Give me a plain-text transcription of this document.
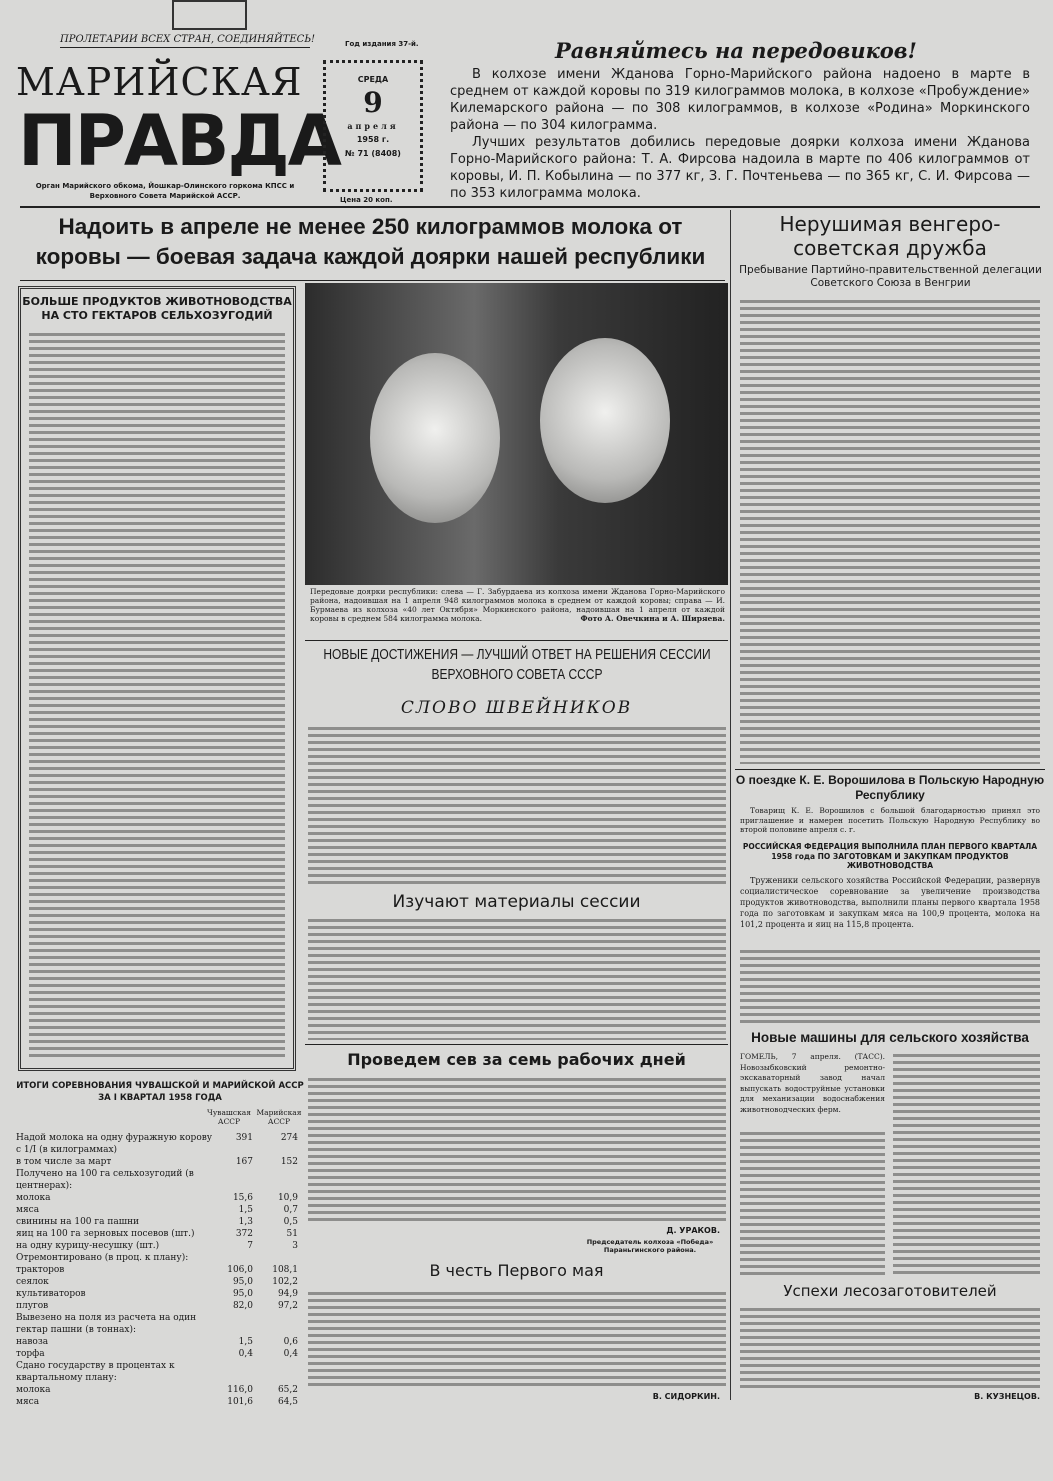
ПРОЛЕТАРИИ ВСЕХ СТРАН, СОЕДИНЯЙТЕСЬ!
МАРИЙСКАЯ
ПРАВДА
Орган Марийского обкома, Йошкар-Олинского горкома КПСС и Верховного Совета Марийской АССР.
Год издания 37-й.
СРЕДА
9
апреля
1958 г.
№ 71 (8408)
Цена 20 коп.
Равняйтесь на передовиков!
В колхозе имени Жданова Горно-Марийского района надоено в марте в среднем от каждой коровы по 319 килограммов молока, в колхозе «Пробуждение» Килемарского района — по 308 килограммов, в колхозе «Родина» Моркинского района — по 304 килограмма.
Лучших результатов добились передовые доярки колхоза имени Жданова Горно-Марийского района: Т. А. Фирсова надоила в марте по 406 килограммов от коровы, И. П. Кобылина — по 377 кг, З. Г. Почтеньева — по 365 кг, С. И. Фирсова — по 353 килограмма молока.
Надоить в апреле не менее 250 килограммов молока от коровы — боевая задача каждой доярки нашей республики
БОЛЬШЕ ПРОДУКТОВ ЖИВОТНОВОДСТВА НА СТО ГЕКТАРОВ СЕЛЬХОЗУГОДИЙ
ИТОГИ СОРЕВНОВАНИЯ ЧУВАШСКОЙ И МАРИЙСКОЙ АССР ЗА I КВАРТАЛ 1958 ГОДА
Чувашская АССР
Марийская АССР
Надой молока на одну фуражную корову с 1/I (в килограммах)
391	274
в том числе за март	167	152
Получено на 100 га сельхозугодий (в центнерах):
молока	15,6	10,9
мяса	1,5	0,7
свинины на 100 га пашни	1,3	0,5
яиц на 100 га зерновых посевов (шт.)	372	51
на одну курицу-несушку (шт.)	7	3
Отремонтировано (в проц. к плану):
тракторов	106,0	108,1
сеялок	95,0	102,2
культиваторов	95,0	94,9
плугов	82,0	97,2
Вывезено на поля из расчета на один гектар пашни (в тоннах):
навоза	1,5	0,6
торфа	0,4	0,4
Сдано государству в процентах к квартальному плану:
молока	116,0	65,2
мяса	101,6	64,5
Передовые доярки республики: слева — Г. Забурдаева из колхоза имени Жданова Горно-Марийского района, надоившая на 1 апреля 948 килограммов молока в среднем от каждой коровы; справа — И. Бурмаева из колхоза «40 лет Октября» Моркинского района, надоившая на 1 апреля от каждой коровы в среднем 584 килограмма молока.	Фото А. Овечкина и А. Ширяева.
НОВЫЕ ДОСТИЖЕНИЯ — ЛУЧШИЙ ОТВЕТ НА РЕШЕНИЯ СЕССИИ ВЕРХОВНОГО СОВЕТА СССР
СЛОВО ШВЕЙНИКОВ
Изучают материалы сессии
Проведем сев за семь рабочих дней
Д. УРАКОВ.
Председатель колхоза «Победа» Параньгинского района.
В честь Первого мая
В. СИДОРКИН.
Нерушимая венгеро-советская дружба
Пребывание Партийно-правительственной делегации Советского Союза в Венгрии
О поездке К. Е. Ворошилова в Польскую Народную Республику
Товарищ К. Е. Ворошилов с большой благодарностью принял это приглашение и намерен посетить Польскую Народную Республику во второй половине апреля с. г.
РОССИЙСКАЯ ФЕДЕРАЦИЯ ВЫПОЛНИЛА ПЛАН ПЕРВОГО КВАРТАЛА 1958 года ПО ЗАГОТОВКАМ И ЗАКУПКАМ ПРОДУКТОВ ЖИВОТНОВОДСТВА
Труженики сельского хозяйства Российской Федерации, развернув социалистическое соревнование за увеличение производства продуктов животноводства, выполнили планы первого квартала 1958 года по заготовкам и закупкам мяса на 100,9 процента, молока на 101,2 процента и яиц на 115,8 процента.
Новые машины для сельского хозяйства
ГОМЕЛЬ, 7 апреля. (ТАСС). Новозыбковский ремонтно-экскаваторный завод начал выпускать водоструйные установки для механизации водоснабжения животноводческих ферм.
Успехи лесозаготовителей
В. КУЗНЕЦОВ.
